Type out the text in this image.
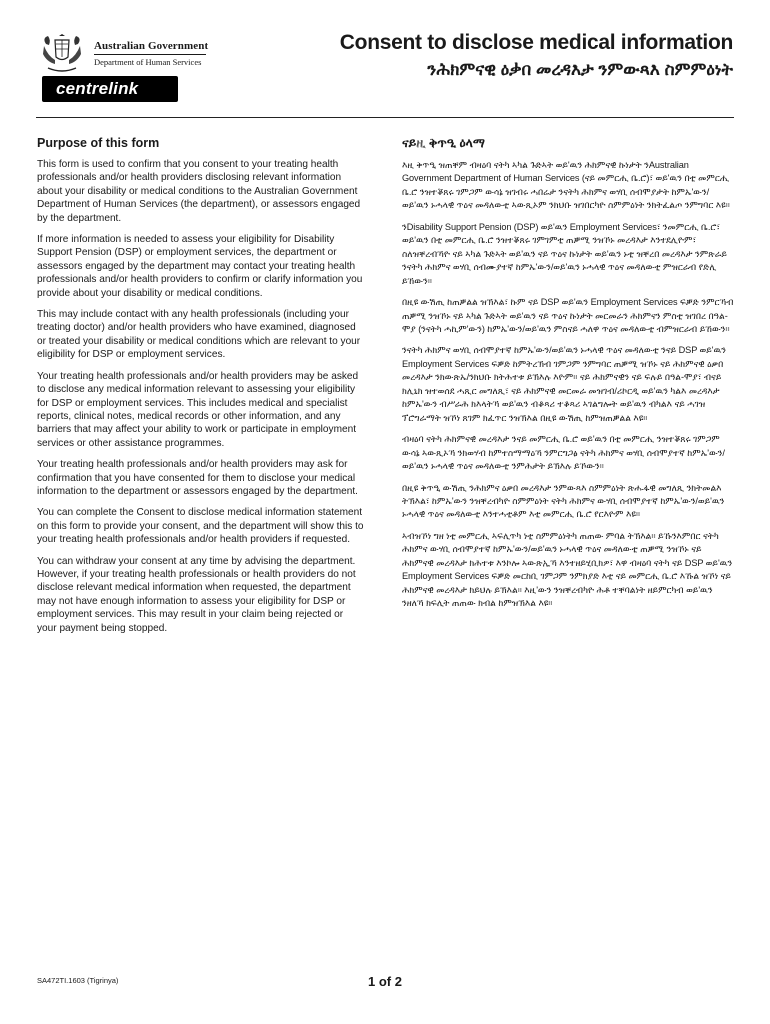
Australian Government
Department of Human Services
centrelink
Consent to disclose medical information
ንሕክምናዊ ዕቃበ መረዳእታ ንምውጻእ ስምምዕነት
Purpose of this form

This form is used to confirm that you consent to your treating health professionals and/or health providers disclosing relevant information about your disability or medical conditions to the Australian Government Department of Human Services (the department), or assessors engaged by the department.

If more information is needed to assess your eligibility for Disability Support Pension (DSP) or employment services, the department or assessors engaged by the department may contact your treating health professionals and/or health providers to confirm or clarify information you provide about your disability or medical conditions.

This may include contact with any health professionals (including your treating doctor) and/or health providers who have examined, diagnosed or treated your disability or medical conditions which are relevant to your eligibility for DSP or employment services.

Your treating health professionals and/or health providers may be asked to disclose any medical information relevant to assessing your eligibility for DSP or employment services. This includes medical and specialist reports, clinical notes, medical records or other information, and any barriers that may affect your ability to work or participate in employment services or other assistance programmes.

Your treating health professionals and/or health providers may ask for confirmation that you have consented for them to disclose your medical information to the department or assessors engaged by the department.

You can complete the Consent to disclose medical information statement on this form to provide your consent, and the department will show this to your treating health professionals and/or health providers if requested.

You can withdraw your consent at any time by advising the department. However, if your treating health professionals or health providers do not disclose relevant medical information when requested, the department may not have enough information to assess your eligibility for DSP or employment services. This may result in your claim being rejected or your payment being stopped.

ናይዚ ቅጥዒ ዕላማ

እዚ ቅጥዒ ዝጠቐም ብዛዕባ ናትካ ኣካል ጉድኣት ወይ'ዉን ሕክምናዊ ኩነታት ንAustralian Government Department of Human Services (ናይ መምርሒ ቤ.ሮ)፣ ወይ'ዉን በቲ መምርሒ ቤ.ሮ ንዝተቖጸሩ ገምጋም ውሳኔ ዝገብሩ ሓበሬታ ንናትካ ሕክምና ወሃቢ ሰብሞያታት ከምኡ'ውን/ወይ'ዉን ኑሓላዊ ጥዕና መዳለውቲ ኣውጺኦም ንክህቡ ዝገበርካዮ ስምምዕነት ንክትፈልጦ ንምግባር እዩ።

ንDisability Support Pension (DSP) ወይ'ዉን Employment Services፣ ንመምርሒ ቤ.ሮ፣ ወይ'ዉን በቲ መምርሒ ቤ.ሮ ንዝተቖጸሩ ገምገምቲ ጠቓሚ ንዝኾኑ መረዳእታ እንተደሊዮም፣ ስለዝቐረብኻዮ ናይ ኣካል ጉድኣት ወይ'ዉን ናይ ጥዕና ኩነታት ወይ'ዉን ኑቲ ዝቐረበ መረዳእታ ንምጽራይ ንናትካ ሕክምና ወሃቢ ሰብሙያተኛ ከምኡ'ውን/ወይ'ዉን ኑሓላዊ ጥዕና መዳለውቲ ምዝርራብ የድሊ ይኸውን።

በዚዩ ውሽጢ ከጠቓልል ዝኽእል፣ ኩም ናይ DSP ወይ'ዉን Employment Services ፍቓድ ንምርኻብ ጠቓሚ ንዝኾኑ ናይ ኣካል ጉድኣት ወይ'ዉን ናይ ጥዕና ኩነታት መርመራን ሕክምናን ምስቲ ዝገበረ በዓል-ሞያ (ንናትካ ሓኪም'ውን) ከምኡ'ውን/ወይ'ዉን ምስናይ ሓለዋ ጥዕና መዳለውቲ ብምዝርራብ ይኸውን።

ንናትካ ሕክምና ወሃቢ ሰብሞያተኛ ከምኡ'ውን/ወይ'ዉን ኑሓላዊ ጥዕና መዳለውቲ ንናይ DSP ወይ'ዉን Employment Services ፍቓድ ከምትረኽብ ገምጋም ንምግባር ጠቓሚ ዝኾኑ ናይ ሕክምናዊ ዕቃበ መረዳእታ ንክውጽኡ/ንክህቡ ክትሕተቱ ይኽእሉ እዮም። ናይ ሕክምናዊን ናይ ፍሉይ በዓል-ሞያ፣ ብናይ ክሊኒክ ዝተወሰደ ሓጺር መግለጺ፣ ናይ ሕክምናዊ መርመራ መዝገብ/ሪኮርዲ ወይ'ዉን ካልእ መረዳእታ ከምኡ'ውን ብሥራሕ ክእላትኻ ወይ'ዉን ብቆጻሪ ተቆጻሪ ኣገልግሎት ወይ'ዉን ብካልእ ናይ ሓገዝ ፕሮግራማት ዝኾነ ጸገም ክፈጥር ንዝኽእል በዚዩ ውሽጢ ከምዝጠቓልል እዩ።

ብዛዕባ ናትካ ሕክምናዊ መረዳእታ ንናይ መምርሒ ቤ.ሮ ወይ'ዉን በቲ መምርሒ ንዝተቖጸሩ ገምጋም ውሳኔ ኣውጺኦኻ ንክወሃብ ከምተስማማዕኻ ንምርግጋፅ ናትካ ሕክምና ወሃቢ ሰብሞያተኛ ከምኡ'ውን/ወይ'ዉን ኑሓላዊ ጥዕና መዳለውቲ ንምሕታት ይኽእሉ ይኾውን።

በዚዩ ቅጥዒ ውሽጢ ንሕክምና ዕቃበ መረዳእታ ንምውጻእ ስምምዕነት ጽሑፋዊ መግለጺ ንክትመልእ ትኽእል፣ ከምኡ'ውን ንዝቐረብካዮ ስምምዕነት ናትካ ሕክምና ውሃቢ ሰብሞያተኛ ከምኡ'ውን/ወይ'ዉን ኑሓላዊ ጥዕና መዳለውቲ እንተሓቲቶም እቲ መምርሒ ቤ.ሮ የርእዮም እዩ።

ኣብዝኾነ ግዘ ነቲ መምርሒ ኣፍሊጥካ ነቲ ስምምዕነትካ ጠጠው ምባል ትኽእል። ይኹንእምበር ናትካ ሕክምና ውሃቢ ሰብሞያተኛ ከምኡ'ውን/ወይ'ዉን ኑሓላዊ ጥዕና መዳለውቲ ጠቓሚ ንዝኾኑ ናይ ሕክምናዊ መረዳእታ ክሕተቱ እንኮሎ ኣውጽኢኻ እንተዘይሂቢክዎ፣ እዋ ብዛዕባ ናትካ ናይ DSP ወይ'ዉን Employment Services ፍቓድ መርከቢ ገምጋም ንምክያድ እቲ ናይ መምርሒ ቤ.ሮ እኹል ዝኾነ ናይ ሕክምናዊ መረዳእታ ክይህሉ ይኽእል። እዚ'ውን ንዝቐረብካዮ ሕቶ ተቐባልነት ዘይምርካብ ወይ'ዉን ንዘለኻ ክፍሊት ጠጠው ክብል ከምዝኽእል እዩ።

SA472TI.1603 (Tigrinya)	1 of 2
